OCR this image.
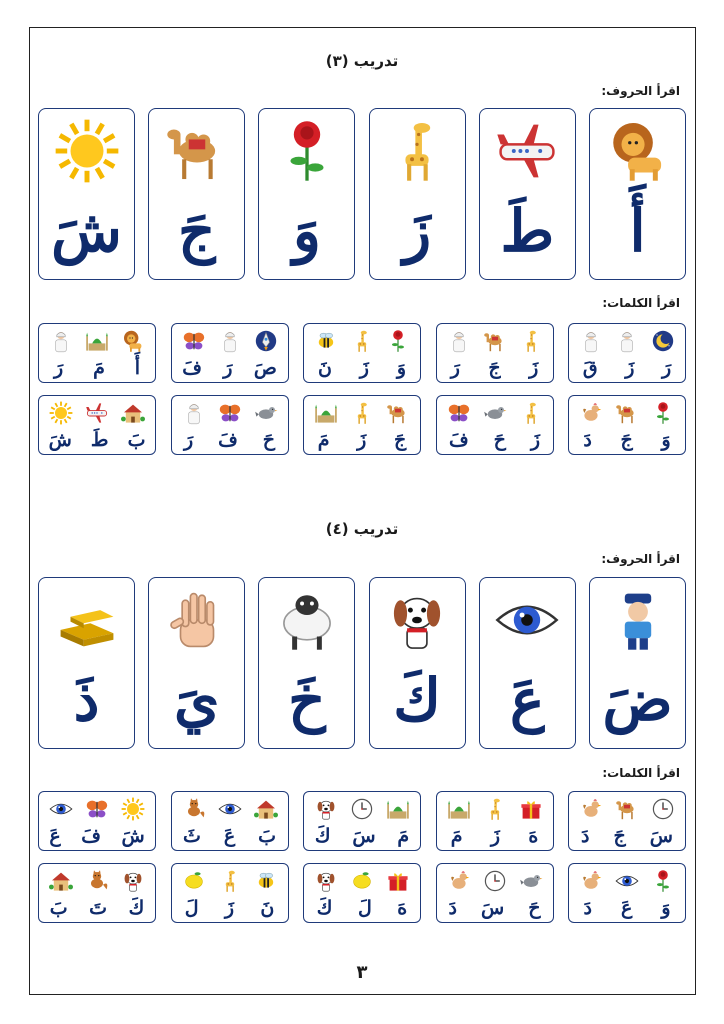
تدريب (٣)
اقرأ الحروف:
أَ
طَ
زَ
وَ
جَ
شَ
اقرأ الكلمات:
رَ
زَ
قَ
زَ
جَ
رَ
وَ
زَ
نَ
صَ
رَ
فَ
أَ
مَ
رَ
وَ
جَ
دَ
زَ
حَ
فَ
جَ
زَ
مَ
حَ
فَ
رَ
بَ
طَ
شَ
تدريب (٤)
اقرأ الحروف:
ضَ
عَ
كَ
خَ
يَ
ذَ
اقرأ الكلمات:
سَ
جَ
دَ
هَ
زَ
مَ
مَ
سَ
كَ
بَ
عَ
ثَ
شَ
فَ
عَ
وَ
عَ
دَ
حَ
سَ
دَ
هَ
لَ
كَ
نَ
زَ
لَ
كَ
تَ
بَ
٣
